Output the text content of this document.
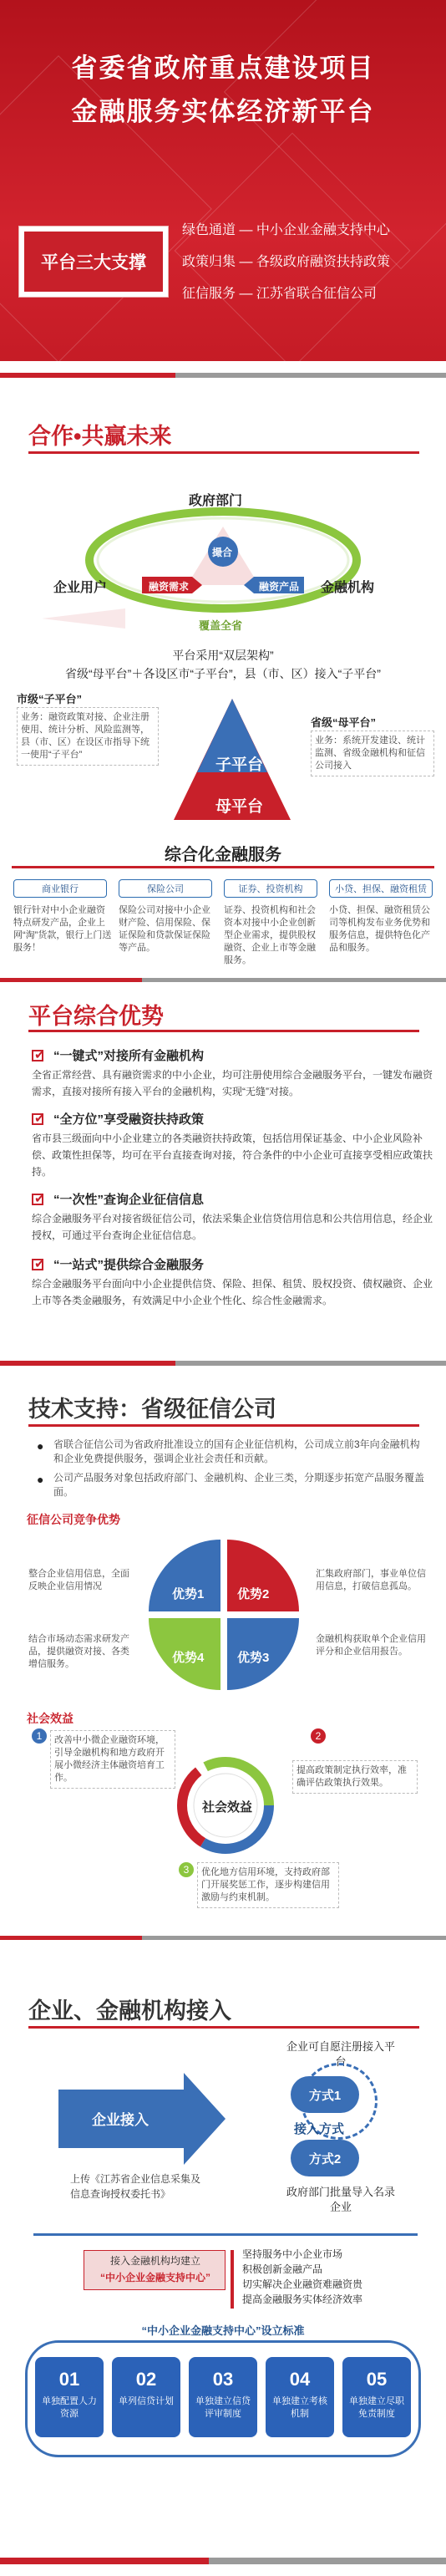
省委省政府重点建设项目
金融服务实体经济新平台
平台三大支撑
绿色通道 — 中小企业金融支持中心
政策归集 — 各级政府融资扶持政策
征信服务 — 江苏省联合征信公司
合作•共赢未来
政府部门
企业用户	金融机构
撮合
融资需求	融资产品
覆盖全省
平台采用“双层架构”
省级“母平台”＋各设区市“子平台”，县（市、区）接入“子平台”
市级“子平台”
业务：融资政策对接、企业注册使用、统计分析、风险监测等，县（市、区）在设区市指导下统一使用“子平台”
省级“母平台”
业务：系统开发建设、统计监测、省级金融机构和征信公司接入
子平台
母平台
综合化金融服务
商业银行	保险公司	证券、投资机构	小贷、担保、融资租赁
银行针对中小企业融资特点研发产品，企业上网“淘”货款，银行上门送服务！
保险公司对接中小企业财产险、信用保险、保证保险和贷款保证保险等产品。
证券、投资机构和社会资本对接中小企业创新型企业需求，提供股权融资、企业上市等金融服务。
小贷、担保、融资租赁公司等机构发布业务优势和服务信息，提供特色化产品和服务。
平台综合优势
✔
“一键式”对接所有金融机构
全省正常经营、具有融资需求的中小企业，均可注册使用综合金融服务平台，一键发布融资需求，直接对接所有接入平台的金融机构，实现“无缝”对接。
✔
“全方位”享受融资扶持政策
省市县三级面向中小企业建立的各类融资扶持政策，包括信用保证基金、中小企业风险补偿、政策性担保等，均可在平台直接查询对接，符合条件的中小企业可直接享受相应政策扶持。
✔
“一次性”查询企业征信信息
综合金融服务平台对接省级征信公司，依法采集企业信贷信用信息和公共信用信息，经企业授权，可通过平台查询企业征信信息。
✔
“一站式”提供综合金融服务
综合金融服务平台面向中小企业提供信贷、保险、担保、租赁、股权投资、债权融资、企业上市等各类金融服务，有效满足中小企业个性化、综合性金融需求。
技术支持：省级征信公司
● 省联合征信公司为省政府批准设立的国有企业征信机构，公司成立前3年向金融机构和企业免费提供服务，强调企业社会责任和贡献。
● 公司产品服务对象包括政府部门、金融机构、企业三类，分期逐步拓宽产品服务覆盖面。
征信公司竞争优势
优势1	优势2
优势3
优势4
整合企业信用信息，全面反映企业信用情况
汇集政府部门，事业单位信用信息，打破信息孤岛。
结合市场动态需求研发产品，提供融资对接、各类增信服务。
金融机构获取单个企业信用评分和企业信用报告。
社会效益
社会效益
1	改善中小微企业融资环境，引导金融机构和地方政府开展小微经济主体融资培育工作。
2
提高政策制定执行效率，准确评估政策执行效果。
3	优化地方信用环境，支持政府部门开展奖惩工作，逐步构建信用激励与约束机制。
企业、金融机构接入
企业可自愿注册接入平台
企业接入
上传《江苏省企业信息采集及信息查询授权委托书》
方式1
方式2
接入方式
政府部门批量导入名录企业
接入金融机构均建立
“中小企业金融支持中心”
坚持服务中小企业市场
积极创新金融产品
切实解决企业融资难融资贵
提高金融服务实体经济效率
“中小企业金融支持中心”设立标准
01
单独配置人力资源
02
单列信贷计划
03
单独建立信贷评审制度
04
单独建立考核机制
05
单独建立尽职免责制度
